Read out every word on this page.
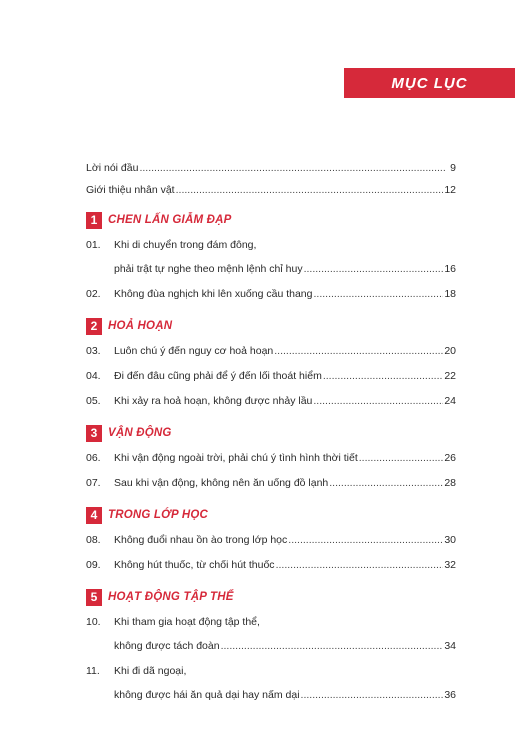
MỤC LỤC
Lời nói đầu .....	9
Giới thiệu nhân vật .....	12
1 CHEN LẤN GIẪM ĐẠP
01.	Khi di chuyển trong đám đông,
phải trật tự nghe theo mệnh lệnh chỉ huy .....	16
02.	Không đùa nghịch khi lên xuống cầu thang .....	18
2 HOẢ HOẠN
03.	Luôn chú ý đến nguy cơ hoả hoạn .....	20
04.	Đi đến đâu cũng phải để ý đến lối thoát hiểm .....	22
05.	Khi xảy ra hoả hoạn, không được nhảy lầu .....	24
3 VẬN ĐỘNG
06.	Khi vận động ngoài trời, phải chú ý tình hình thời tiết .....	26
07.	Sau khi vận động, không nên ăn uống đồ lạnh .....	28
4 TRONG LỚP HỌC
08.	Không đuổi nhau ồn ào trong lớp học .....	30
09.	Không hút thuốc, từ chối hút thuốc .....	32
5 HOẠT ĐỘNG TẬP THỂ
10.	Khi tham gia hoạt động tập thể,
không được tách đoàn .....	34
11.	Khi đi dã ngoại,
không được hái ăn quả dại hay nấm dại .....	36
